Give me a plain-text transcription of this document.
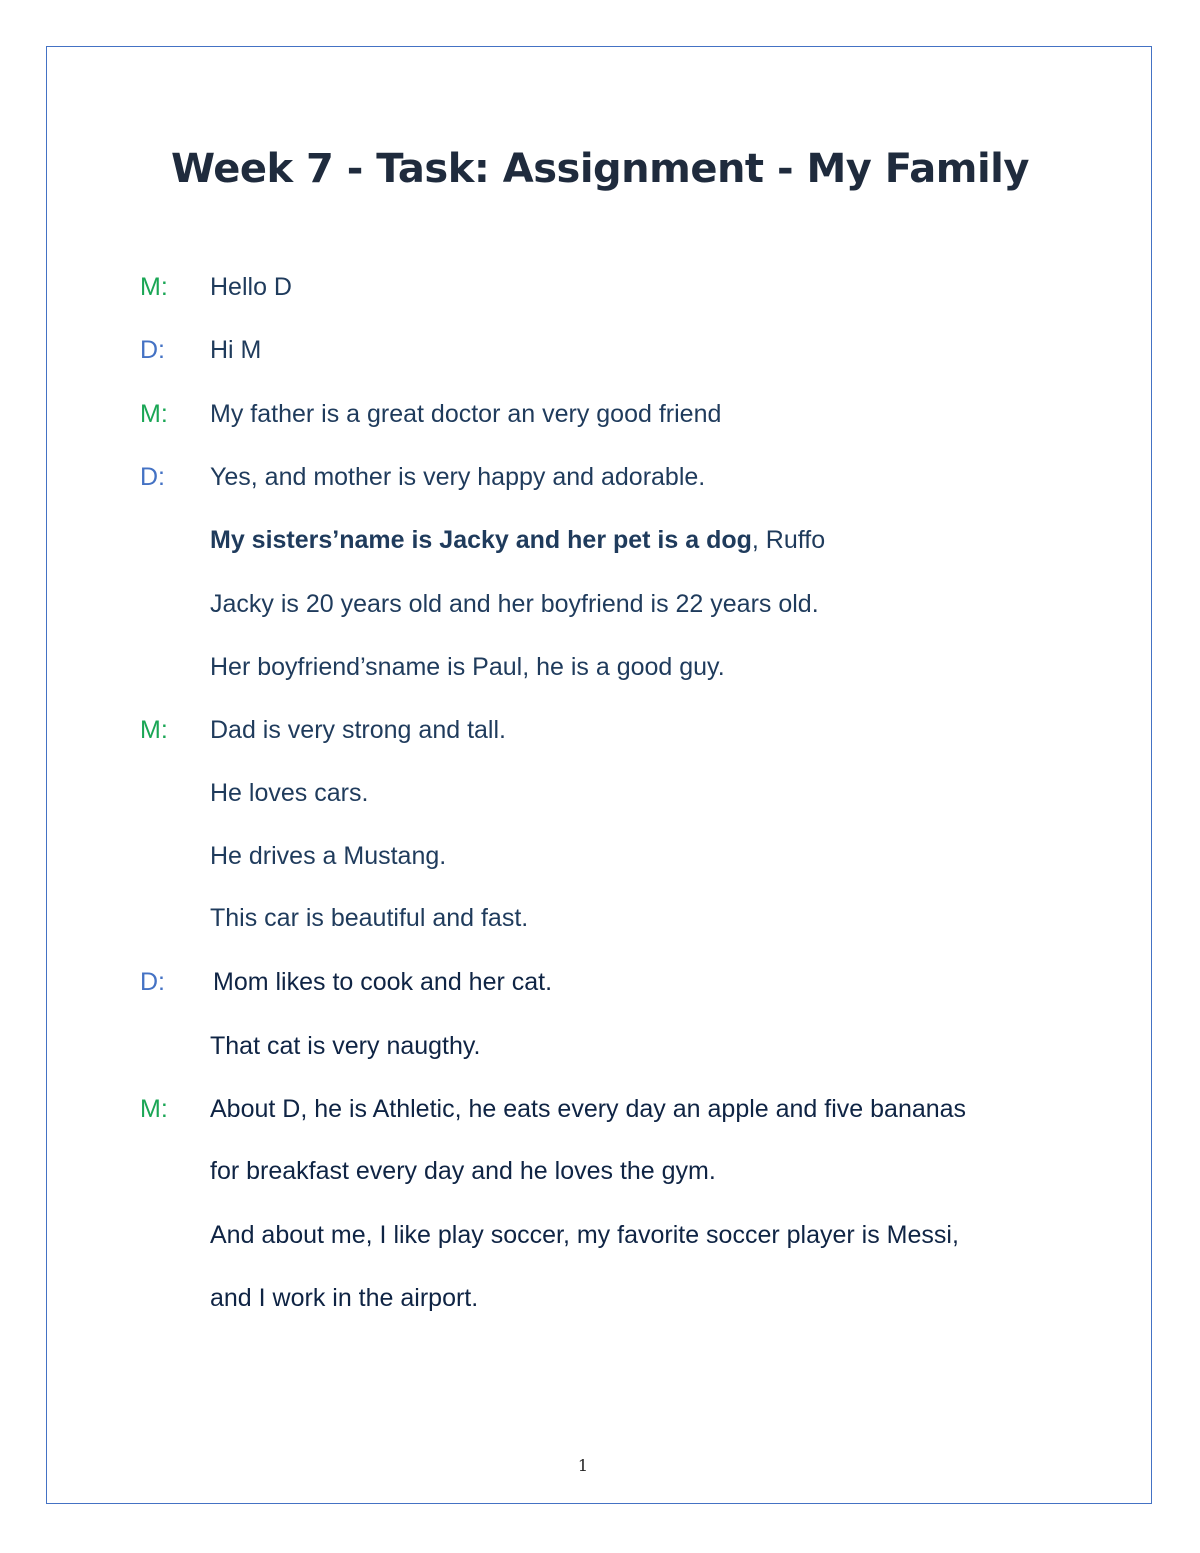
Week 7 - Task: Assignment - My Family
M: Hello D
D: Hi M
M: My father is a great doctor an very good friend
D: Yes, and mother is very happy and adorable.
My sisters’name is Jacky and her pet is a dog, Ruffo
Jacky is 20 years old and her boyfriend is 22 years old.
Her boyfriend’sname is Paul, he is a good guy.
M: Dad is very strong and tall.
He loves cars.
He drives a Mustang.
This car is beautiful and fast.
D: Mom likes to cook and her cat.
That cat is very naugthy.
M: About D, he is Athletic, he eats every day an apple and five bananas
for breakfast every day and he loves the gym.
And about me, I like play soccer, my favorite soccer player is Messi,
and I work in the airport.
1
